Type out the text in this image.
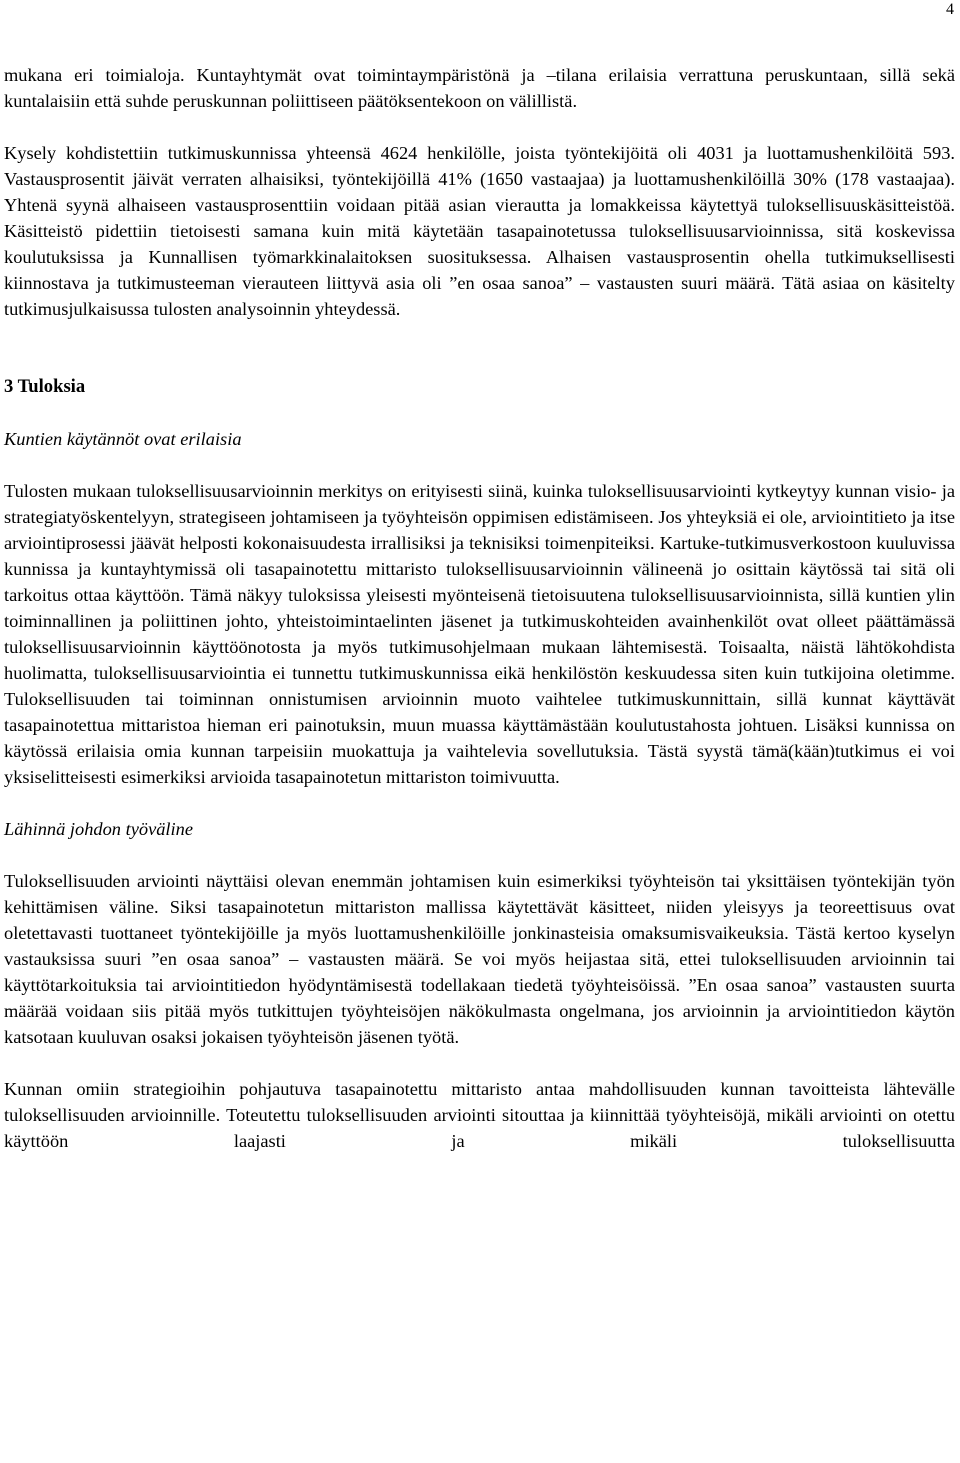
4

mukana eri toimialoja. Kuntayhtymät ovat toimintaympäristönä ja –tilana erilaisia verrattuna peruskuntaan, sillä sekä kuntalaisiin että suhde peruskunnan poliittiseen päätöksentekoon on välillistä.

Kysely kohdistettiin tutkimuskunnissa yhteensä 4624 henkilölle, joista työntekijöitä oli 4031 ja luottamushenkilöitä 593. Vastausprosentit jäivät verraten alhaisiksi, työntekijöillä 41% (1650 vastaajaa) ja luottamushenkilöillä 30% (178 vastaajaa). Yhtenä syynä alhaiseen vastausprosenttiin voidaan pitää asian vierautta ja lomakkeissa käytettyä tuloksellisuuskäsitteistöä. Käsitteistö pidettiin tietoisesti samana kuin mitä käytetään tasapainotetussa tuloksellisuusarvioinnissa, sitä koskevissa koulutuksissa ja Kunnallisen työmarkkinalaitoksen suosituksessa. Alhaisen vastausprosentin ohella tutkimuksellisesti kiinnostava ja tutkimusteeman vierauteen liittyvä asia oli ”en osaa sanoa” – vastausten suuri määrä. Tätä asiaa on käsitelty tutkimusjulkaisussa tulosten analysoinnin yhteydessä.

3 Tuloksia

Kuntien käytännöt ovat erilaisia

Tulosten mukaan tuloksellisuusarvioinnin merkitys on erityisesti siinä, kuinka tuloksellisuusarviointi kytkeytyy kunnan visio- ja strategiatyöskentelyyn, strategiseen johtamiseen ja työyhteisön oppimisen edistämiseen. Jos yhteyksiä ei ole, arviointitieto ja itse arviointiprosessi jäävät helposti kokonaisuudesta irrallisiksi ja teknisiksi toimenpiteiksi. Kartuke-tutkimusverkostoon kuuluvissa kunnissa ja kuntayhtymissä oli tasapainotettu mittaristo tuloksellisuusarvioinnin välineenä jo osittain käytössä tai sitä oli tarkoitus ottaa käyttöön. Tämä näkyy tuloksissa yleisesti myönteisenä tietoisuutena tuloksellisuusarvioinnista, sillä kuntien ylin toiminnallinen ja poliittinen johto, yhteistoimintaelinten jäsenet ja tutkimuskohteiden avainhenkilöt ovat olleet päättämässä tuloksellisuusarvioinnin käyttöönotosta ja myös tutkimusohjelmaan mukaan lähtemisestä. Toisaalta, näistä lähtökohdista huolimatta, tuloksellisuusarviointia ei tunnettu tutkimuskunnissa eikä henkilöstön keskuudessa siten kuin tutkijoina oletimme. Tuloksellisuuden tai toiminnan onnistumisen arvioinnin muoto vaihtelee tutkimuskunnittain, sillä kunnat käyttävät tasapainotettua mittaristoa hieman eri painotuksin, muun muassa käyttämästään koulutustahosta johtuen. Lisäksi kunnissa on käytössä erilaisia omia kunnan tarpeisiin muokattuja ja vaihtelevia sovellutuksia. Tästä syystä tämä(kään)tutkimus ei voi yksiselitteisesti esimerkiksi arvioida tasapainotetun mittariston toimivuutta.

Lähinnä johdon työväline

Tuloksellisuuden arviointi näyttäisi olevan enemmän johtamisen kuin esimerkiksi työyhteisön tai yksittäisen työntekijän työn kehittämisen väline. Siksi tasapainotetun mittariston mallissa käytettävät käsitteet, niiden yleisyys ja teoreettisuus ovat oletettavasti tuottaneet työntekijöille ja myös luottamushenkilöille jonkinasteisia omaksumisvaikeuksia. Tästä kertoo kyselyn vastauksissa suuri ”en osaa sanoa” – vastausten määrä. Se voi myös heijastaa sitä, ettei tuloksellisuuden arvioinnin tai käyttötarkoituksia tai arviointitiedon hyödyntämisestä todellakaan tiedetä työyhteisöissä. ”En osaa sanoa” vastausten suurta määrää voidaan siis pitää myös tutkittujen työyhteisöjen näkökulmasta ongelmana, jos arvioinnin ja arviointitiedon käytön katsotaan kuuluvan osaksi jokaisen työyhteisön jäsenen työtä.

Kunnan omiin strategioihin pohjautuva tasapainotettu mittaristo antaa mahdollisuuden kunnan tavoitteista lähtevälle tuloksellisuuden arvioinnille. Toteutettu tuloksellisuuden arviointi sitouttaa ja kiinnittää työyhteisöjä, mikäli arviointi on otettu käyttöön laajasti ja mikäli tuloksellisuutta
